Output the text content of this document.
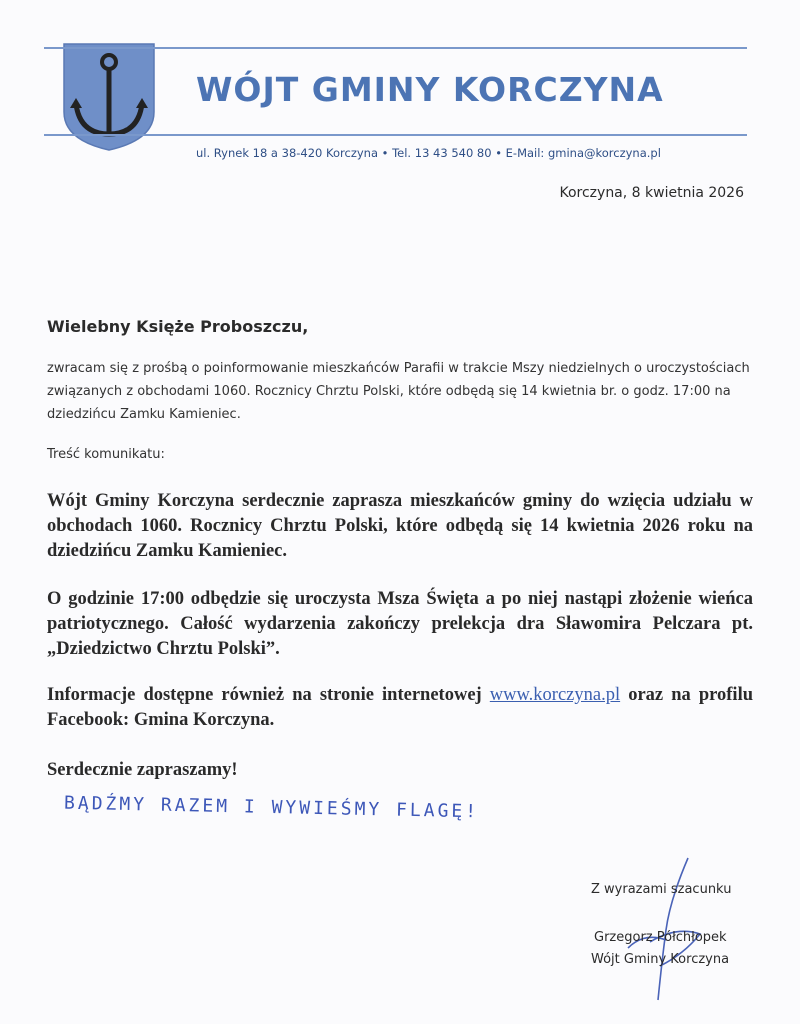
WÓJT GMINY KORCZYNA
ul. Rynek 18 a 38-420 Korczyna • Tel. 13 43 540 80 • E-Mail: gmina@korczyna.pl
Korczyna, 8 kwietnia 2026
Wielebny Księże Proboszczu,
zwracam się z prośbą o poinformowanie mieszkańców Parafii w trakcie Mszy niedzielnych o uroczystościach związanych z obchodami 1060. Rocznicy Chrztu Polski, które odbędą się 14 kwietnia br. o godz. 17:00 na dziedzińcu Zamku Kamieniec.
Treść komunikatu:
Wójt Gminy Korczyna serdecznie zaprasza mieszkańców gminy do wzięcia udziału w obchodach 1060. Rocznicy Chrztu Polski, które odbędą się 14 kwietnia 2026 roku na dziedzińcu Zamku Kamieniec.
O godzinie 17:00 odbędzie się uroczysta Msza Święta a po niej nastąpi złożenie wieńca patriotycznego. Całość wydarzenia zakończy prelekcja dra Sławomira Pelczara pt. „Dziedzictwo Chrztu Polski”.
Informacje dostępne również na stronie internetowej www.korczyna.pl oraz na profilu Facebook: Gmina Korczyna.
Serdecznie zapraszamy!
BĄDŹMY RAZEM I WYWIEŚMY FLAGĘ!
Z wyrazami szacunku
Grzegorz Półchłopek
Wójt Gminy Korczyna
